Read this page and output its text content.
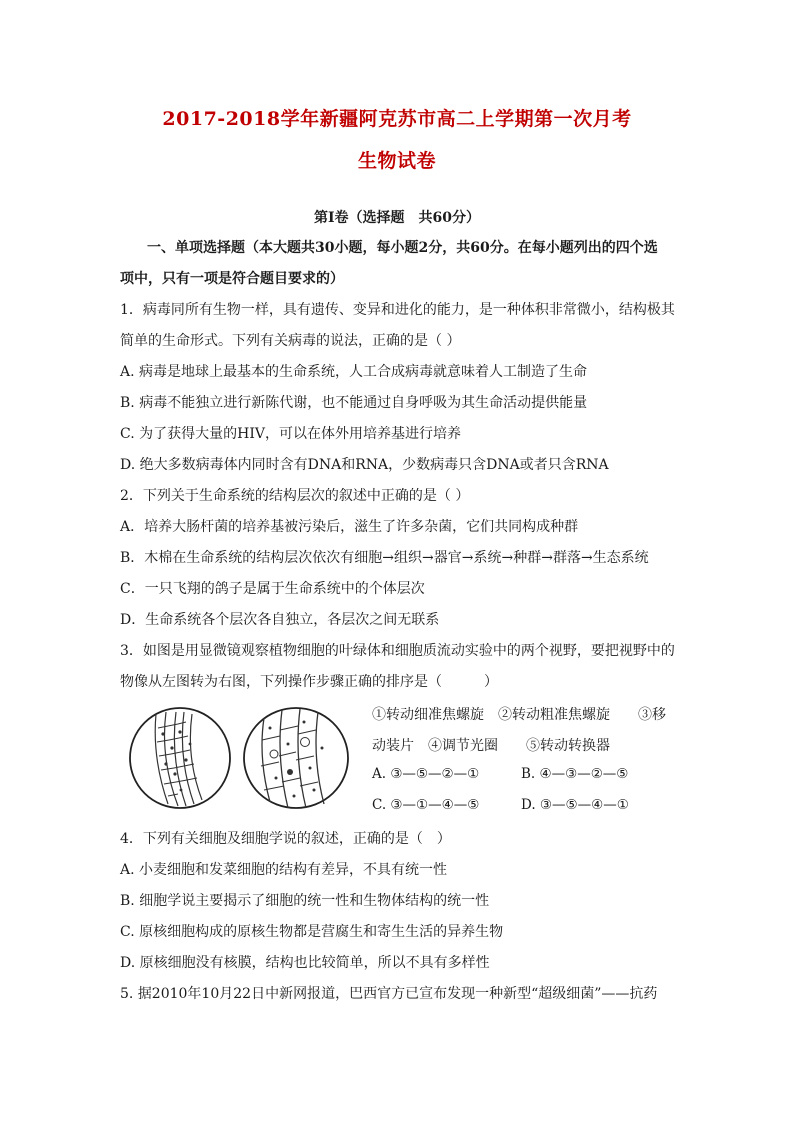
2017-2018学年新疆阿克苏市高二上学期第一次月考
生物试卷
第Ⅰ卷（选择题　共60分）
一、单项选择题（本大题共30小题，每小题2分，共60分。在每小题列出的四个选
项中，只有一项是符合题目要求的）
1．病毒同所有生物一样，具有遗传、变异和进化的能力，是一种体积非常微小，结构极其
简单的生命形式。下列有关病毒的说法，正确的是（ ）
A. 病毒是地球上最基本的生命系统，人工合成病毒就意味着人工制造了生命
B. 病毒不能独立进行新陈代谢，也不能通过自身呼吸为其生命活动提供能量
C. 为了获得大量的HIV，可以在体外用培养基进行培养
D. 绝大多数病毒体内同时含有DNA和RNA，少数病毒只含DNA或者只含RNA
2．下列关于生命系统的结构层次的叙述中正确的是（ ）
A．培养大肠杆菌的培养基被污染后，滋生了许多杂菌，它们共同构成种群
B．木棉在生命系统的结构层次依次有细胞→组织→器官→系统→种群→群落→生态系统
C．一只飞翔的鸽子是属于生命系统中的个体层次
D．生命系统各个层次各自独立，各层次之间无联系
3．如图是用显微镜观察植物细胞的叶绿体和细胞质流动实验中的两个视野，要把视野中的
物像从左图转为右图，下列操作步骤正确的排序是（　　　）
①转动细准焦螺旋　②转动粗准焦螺旋　　③移
动装片　④调节光圈　　⑤转动转换器
A. ③—⑤—②—①	B. ④—③—②—⑤
C. ③—①—④—⑤	D. ③—⑤—④—①
4．下列有关细胞及细胞学说的叙述，正确的是（　）
A. 小麦细胞和发菜细胞的结构有差异，不具有统一性
B. 细胞学说主要揭示了细胞的统一性和生物体结构的统一性
C. 原核细胞构成的原核生物都是营腐生和寄生生活的异养生物
D. 原核细胞没有核膜，结构也比较简单，所以不具有多样性
5. 据2010年10月22日中新网报道，巴西官方已宣布发现一种新型“超级细菌”——抗药
